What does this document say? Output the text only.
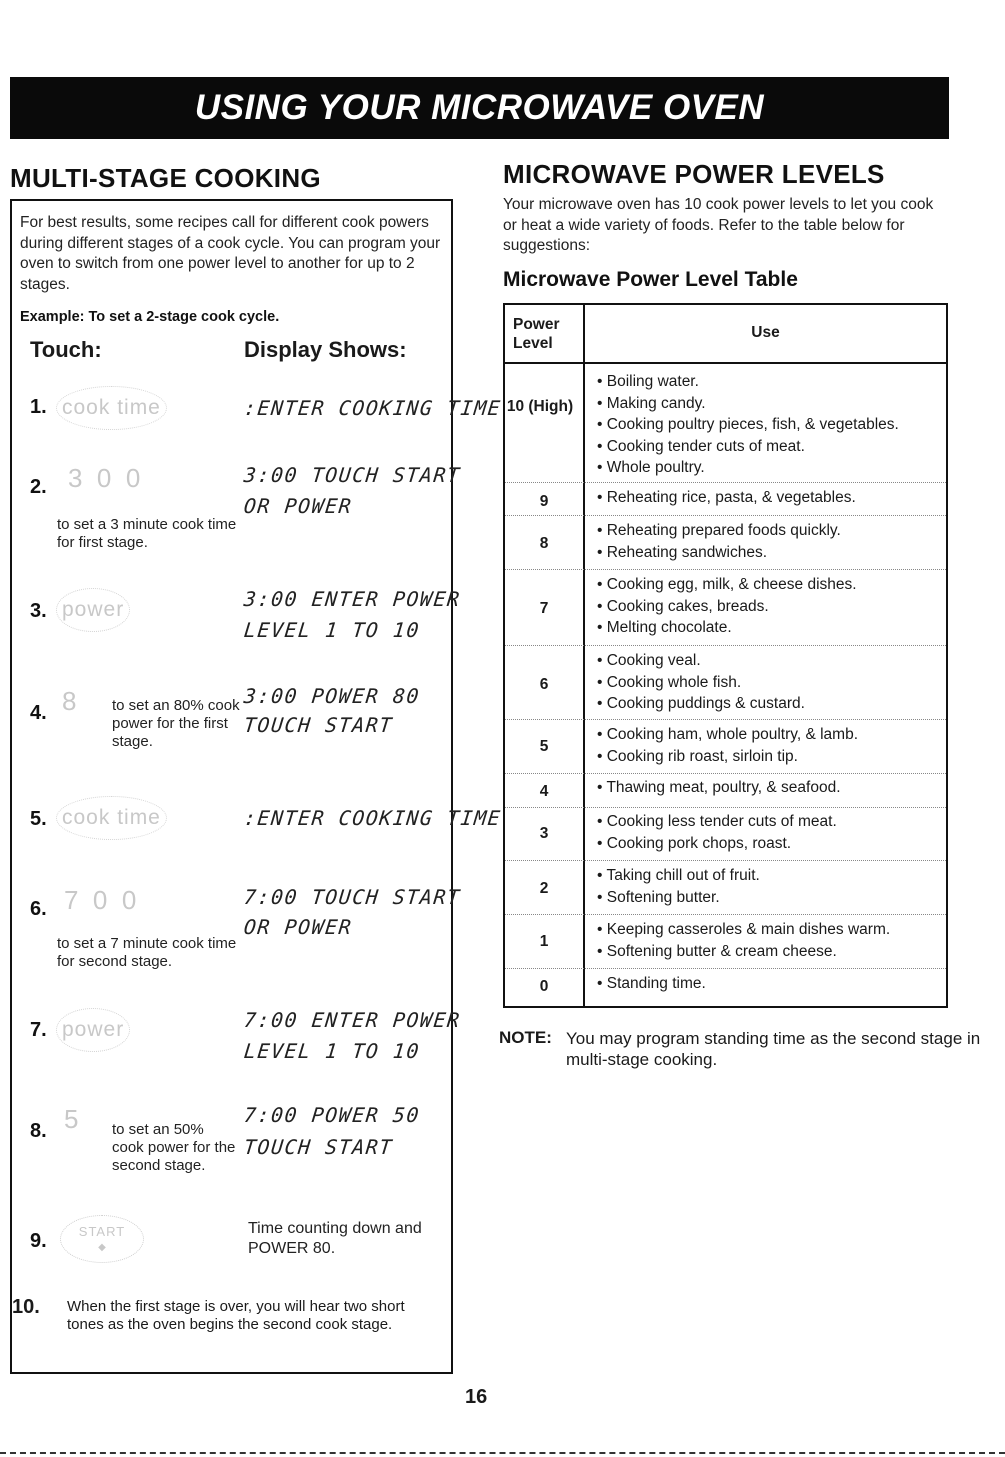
USING YOUR MICROWAVE OVEN
MULTI-STAGE COOKING
For best results, some recipes call for different cook powers during different stages of a cook cycle. You can program your oven to switch from one power level to another for up to 2 stages.
Example: To set a 2-stage cook cycle.
Touch:	Display Shows:
1. cook time	:ENTER COOKING TIME
2. 3  0  0
to set a 3 minute cook time for first stage.
3:00 TOUCH START
OR POWER
3. power	3:00 ENTER POWER
LEVEL 1 TO 10
4. 8 to set an 80% cook power for the first stage.
3:00 POWER 80
TOUCH START
5. cook time	:ENTER COOKING TIME
6. 7  0  0
to set a 7 minute cook time for second stage.
7:00 TOUCH START
OR POWER
7. power	7:00 ENTER POWER
LEVEL 1 TO 10
8. 5 to set an 50% cook power for the second stage.
7:00 POWER 50
TOUCH START
9.	START
◆
Time counting down and POWER 80.
10. When the first stage is over, you will hear two short tones as the oven begins the second cook stage.
MICROWAVE POWER LEVELS
Your microwave oven has 10 cook power levels to let you cook or heat a wide variety of foods. Refer to the table below for suggestions:
Microwave Power Level Table
Power Level
Use
10 (High)
• Boiling water.
• Making candy.
• Cooking poultry pieces, fish, & vegetables.
• Cooking tender cuts of meat.
• Whole poultry.
9	• Reheating rice, pasta, & vegetables.
8
• Reheating prepared foods quickly.
• Reheating sandwiches.
7
• Cooking egg, milk, & cheese dishes.
• Cooking cakes, breads.
• Melting chocolate.
6
• Cooking veal.
• Cooking whole fish.
• Cooking puddings & custard.
5
• Cooking ham, whole poultry, & lamb.
• Cooking rib roast, sirloin tip.
4	• Thawing meat, poultry, & seafood.
3
• Cooking less tender cuts of meat.
• Cooking pork chops, roast.
2
• Taking chill out of fruit.
• Softening butter.
1
• Keeping casseroles & main dishes warm.
• Softening butter & cream cheese.
0	• Standing time.
NOTE: You may program standing time as the second stage in multi-stage cooking.
16
